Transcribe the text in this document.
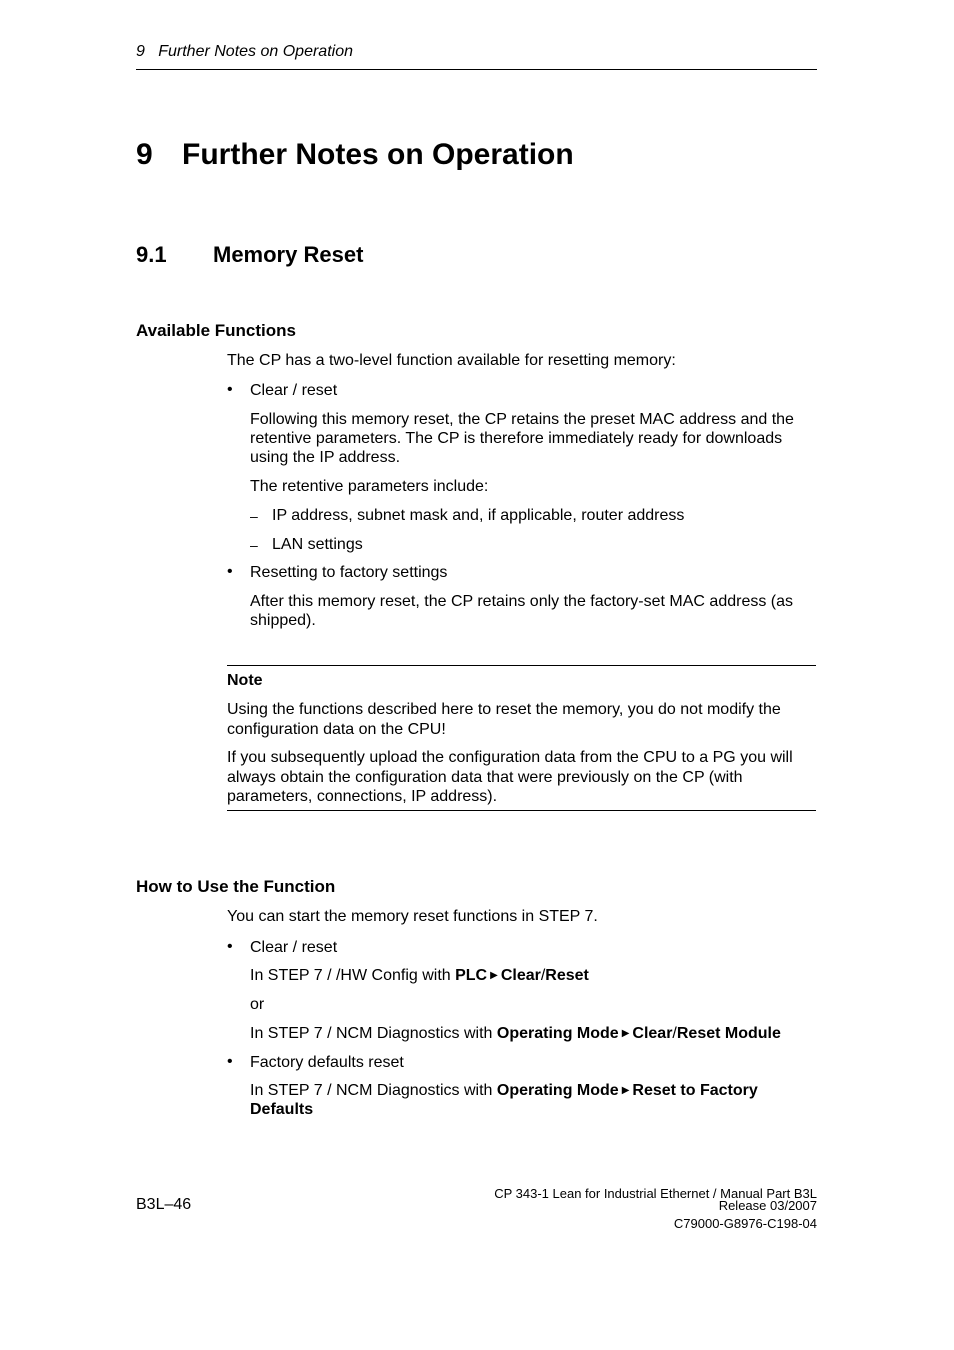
9   Further Notes on Operation
9 Further Notes on Operation
9.1 Memory Reset
Available Functions
The CP has a two-level function available for resetting memory:
• Clear / reset
Following this memory reset, the CP retains the preset MAC address and the
retentive parameters. The CP is therefore immediately ready for downloads
using the IP address.
The retentive parameters include:
– IP address, subnet mask and, if applicable, router address
– LAN settings
• Resetting to factory settings
After this memory reset, the CP retains only the factory-set MAC address (as
shipped).
Note
Using the functions described here to reset the memory, you do not modify the
configuration data on the CPU!
If you subsequently upload the configuration data from the CPU to a PG you will
always obtain the configuration data that were previously on the CP (with
parameters, connections, IP address).
How to Use the Function
You can start the memory reset functions in STEP 7.
• Clear / reset
In STEP 7 / /HW Config with PLC ▶ Clear/Reset
or
In STEP 7 / NCM Diagnostics with Operating Mode ▶ Clear/Reset Module
• Factory defaults reset
In STEP 7 / NCM Diagnostics with Operating Mode ▶ Reset to Factory
Defaults
B3L–46
CP 343-1 Lean for Industrial Ethernet / Manual Part B3L
Release 03/2007
C79000-G8976-C198-04
